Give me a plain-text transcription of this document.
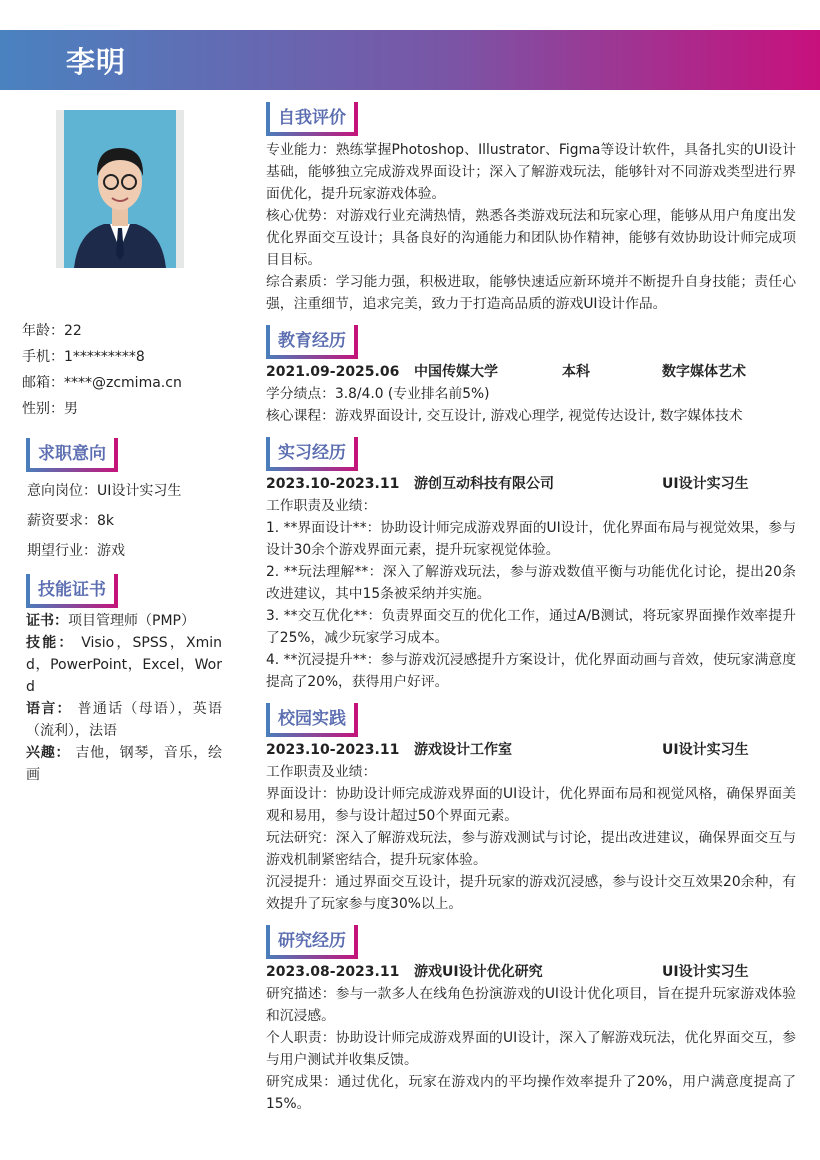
李明
年龄：22
手机：1*********8
邮箱：****@zcmima.cn
性别：男
求职意向
意向岗位：UI设计实习生
薪资要求：8k
期望行业：游戏
技能证书
证书：项目管理师（PMP）
技能： Visio，SPSS，Xmind，PowerPoint，Excel，Word
语言： 普通话（母语），英语（流利），法语
兴趣： 吉他，钢琴，音乐，绘画
自我评价
专业能力：熟练掌握Photoshop、Illustrator、Figma等设计软件，具备扎实的UI设计基础，能够独立完成游戏界面设计；深入了解游戏玩法，能够针对不同游戏类型进行界面优化，提升玩家游戏体验。
核心优势：对游戏行业充满热情，熟悉各类游戏玩法和玩家心理，能够从用户角度出发优化界面交互设计；具备良好的沟通能力和团队协作精神，能够有效协助设计师完成项目目标。
综合素质：学习能力强，积极进取，能够快速适应新环境并不断提升自身技能；责任心强，注重细节，追求完美，致力于打造高品质的游戏UI设计作品。
教育经历
2021.09-2025.06	中国传媒大学	本科	数字媒体艺术
学分绩点：3.8/4.0 (专业排名前5%)
核心课程：游戏界面设计, 交互设计, 游戏心理学, 视觉传达设计, 数字媒体技术
实习经历
2023.10-2023.11	游创互动科技有限公司	UI设计实习生
工作职责及业绩：
1. **界面设计**：协助设计师完成游戏界面的UI设计，优化界面布局与视觉效果，参与设计30余个游戏界面元素，提升玩家视觉体验。
2. **玩法理解**：深入了解游戏玩法，参与游戏数值平衡与功能优化讨论，提出20条改进建议，其中15条被采纳并实施。
3. **交互优化**：负责界面交互的优化工作，通过A/B测试，将玩家界面操作效率提升了25%，减少玩家学习成本。
4. **沉浸提升**：参与游戏沉浸感提升方案设计，优化界面动画与音效，使玩家满意度提高了20%，获得用户好评。
校园实践
2023.10-2023.11	游戏设计工作室	UI设计实习生
工作职责及业绩：
界面设计：协助设计师完成游戏界面的UI设计，优化界面布局和视觉风格，确保界面美观和易用，参与设计超过50个界面元素。
玩法研究：深入了解游戏玩法，参与游戏测试与讨论，提出改进建议，确保界面交互与游戏机制紧密结合，提升玩家体验。
沉浸提升：通过界面交互设计，提升玩家的游戏沉浸感，参与设计交互效果20余种，有效提升了玩家参与度30%以上。
研究经历
2023.08-2023.11	游戏UI设计优化研究	UI设计实习生
研究描述：参与一款多人在线角色扮演游戏的UI设计优化项目，旨在提升玩家游戏体验和沉浸感。
个人职责：协助设计师完成游戏界面的UI设计，深入了解游戏玩法，优化界面交互，参与用户测试并收集反馈。
研究成果：通过优化，玩家在游戏内的平均操作效率提升了20%，用户满意度提高了15%。
